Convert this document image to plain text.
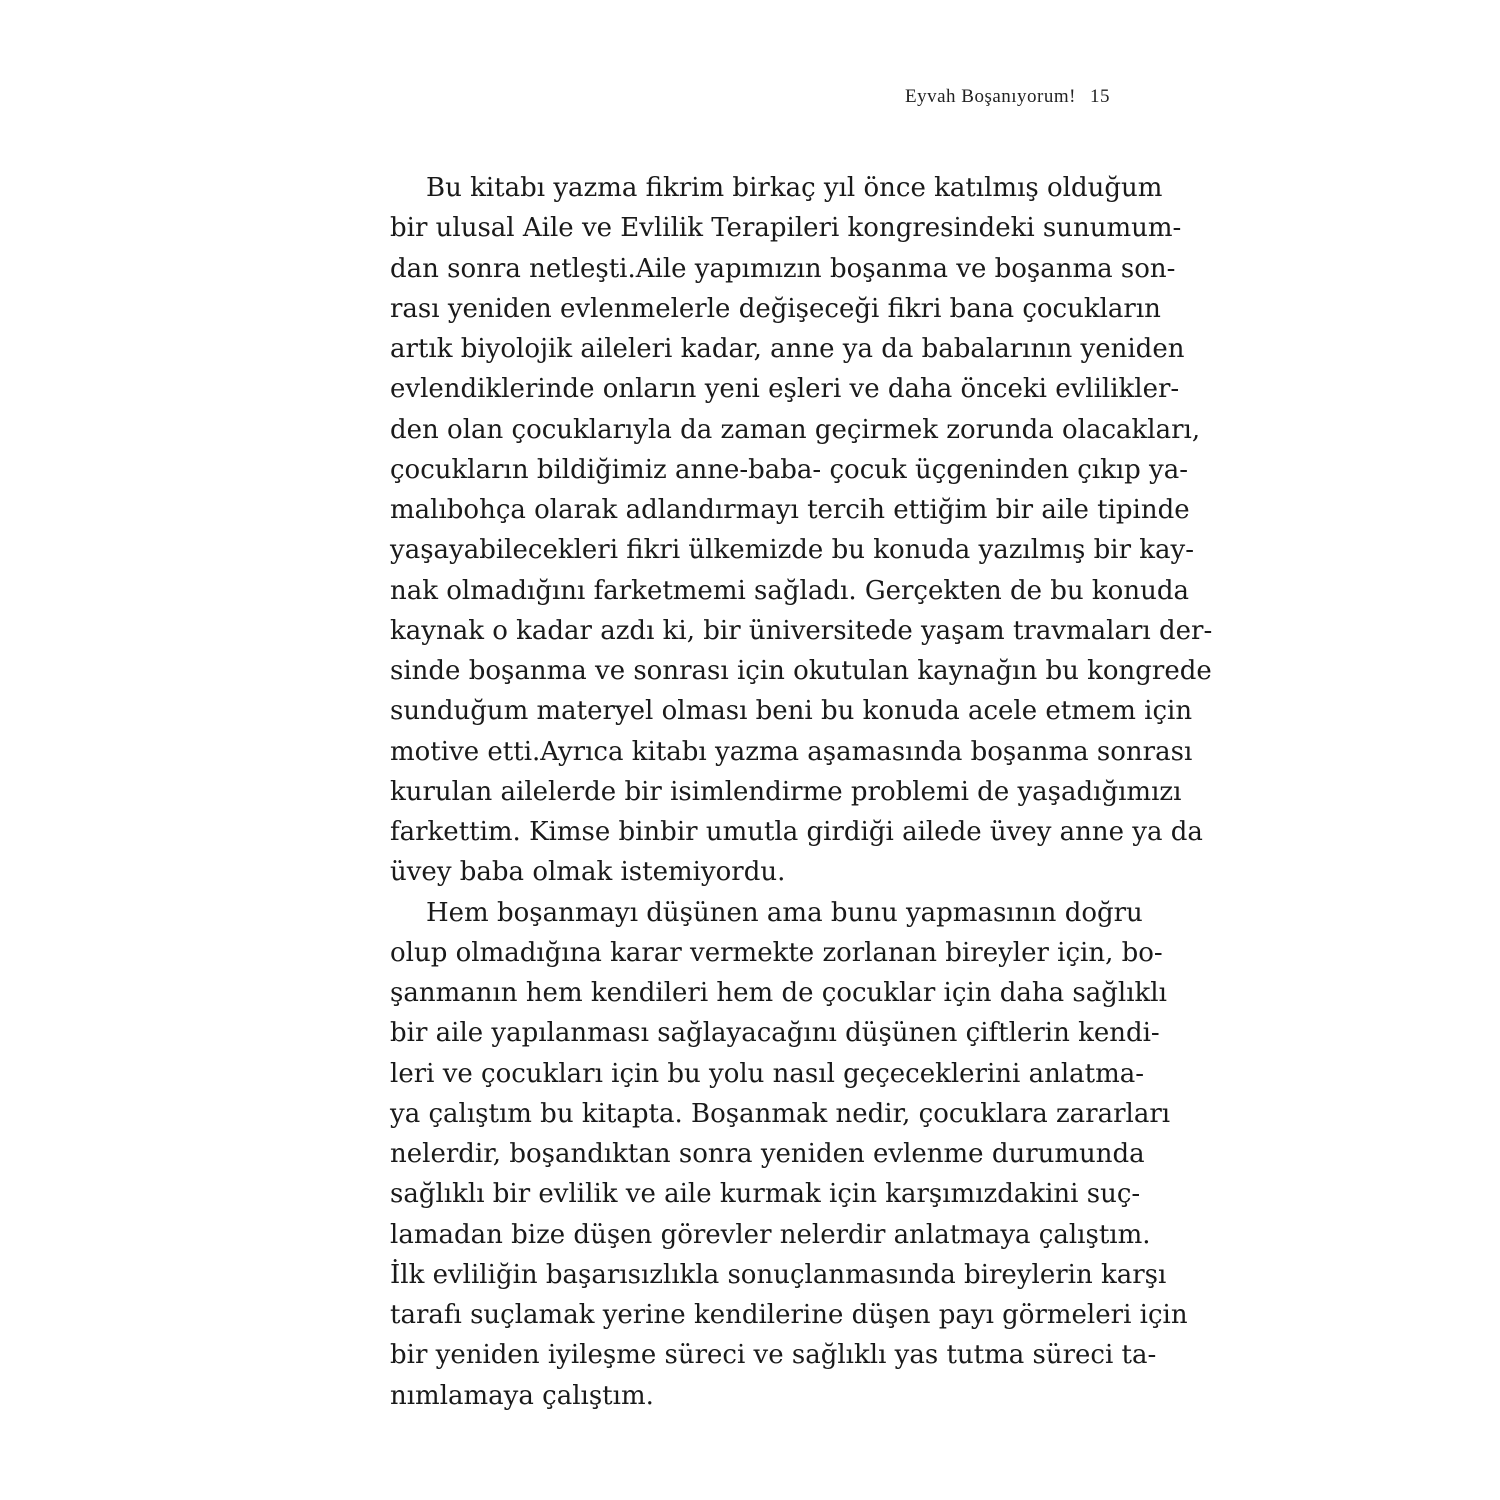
Eyvah Boşanıyorum! 15
Bu kitabı yazma fikrim birkaç yıl önce katılmış olduğum
bir ulusal Aile ve Evlilik Terapileri kongresindeki sunumum-
dan sonra netleşti.Aile yapımızın boşanma ve boşanma son-
rası yeniden evlenmelerle değişeceği fikri bana çocukların
artık biyolojik aileleri kadar, anne ya da babalarının yeniden
evlendiklerinde onların yeni eşleri ve daha önceki evlilikler-
den olan çocuklarıyla da zaman geçirmek zorunda olacakları,
çocukların bildiğimiz anne-baba- çocuk üçgeninden çıkıp ya-
malıbohça olarak adlandırmayı tercih ettiğim bir aile tipinde
yaşayabilecekleri fikri ülkemizde bu konuda yazılmış bir kay-
nak olmadığını farketmemi sağladı. Gerçekten de bu konuda
kaynak o kadar azdı ki, bir üniversitede yaşam travmaları der-
sinde boşanma ve sonrası için okutulan kaynağın bu kongrede
sunduğum materyel olması beni bu konuda acele etmem için
motive etti.Ayrıca kitabı yazma aşamasında boşanma sonrası
kurulan ailelerde bir isimlendirme problemi de yaşadığımızı
farkettim. Kimse binbir umutla girdiği ailede üvey anne ya da
üvey baba olmak istemiyordu.
Hem boşanmayı düşünen ama bunu yapmasının doğru
olup olmadığına karar vermekte zorlanan bireyler için, bo-
şanmanın hem kendileri hem de çocuklar için daha sağlıklı
bir aile yapılanması sağlayacağını düşünen çiftlerin kendi-
leri ve çocukları için bu yolu nasıl geçeceklerini anlatma-
ya çalıştım bu kitapta. Boşanmak nedir, çocuklara zararları
nelerdir, boşandıktan sonra yeniden evlenme durumunda
sağlıklı bir evlilik ve aile kurmak için karşımızdakini suç-
lamadan bize düşen görevler nelerdir anlatmaya çalıştım.
İlk evliliğin başarısızlıkla sonuçlanmasında bireylerin karşı
tarafı suçlamak yerine kendilerine düşen payı görmeleri için
bir yeniden iyileşme süreci ve sağlıklı yas tutma süreci ta-
nımlamaya çalıştım.
